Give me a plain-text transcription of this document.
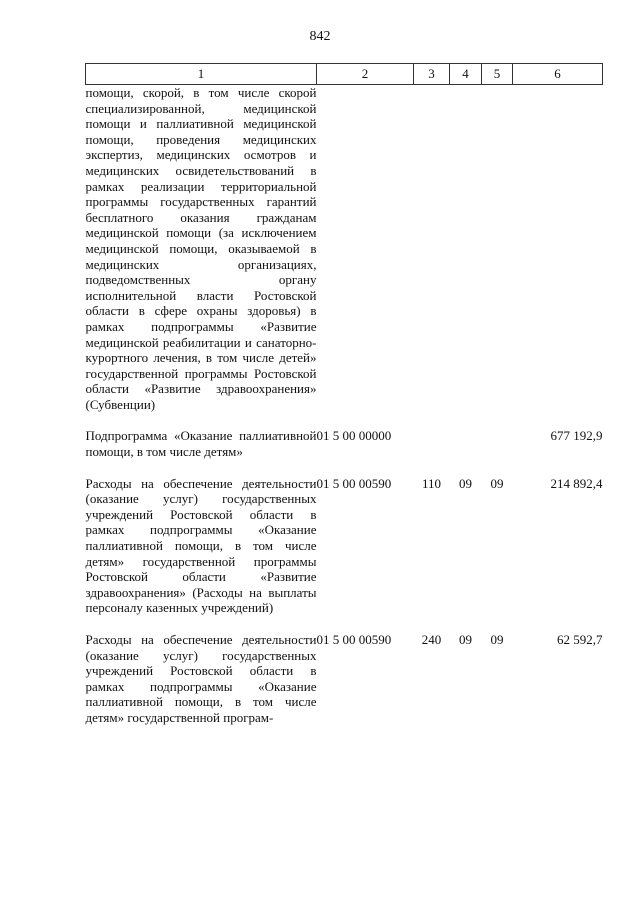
842
1	2	3	4	5	6
помощи, скорой, в том числе скорой специализированной, медицинской помощи и паллиативной медицинской помощи, проведения медицинских экспертиз, медицинских осмотров и медицинских освидетельствований в рамках реализации территориальной программы государственных гарантий бесплатного оказания гражданам медицинской помощи (за исключением медицинской помощи, оказываемой в медицинских организациях, подведомственных органу исполнительной власти Ростовской области в сфере охраны здоровья) в рамках подпрограммы «Развитие медицинской реабилитации и санаторно-курортного лечения, в том числе детей» государственной программы Ростовской области «Развитие здравоохранения» (Субвенции)					
Подпрограмма «Оказание паллиативной помощи, в том числе детям»	01 5 00 00000				677 192,9
Расходы на обеспечение деятельности (оказание услуг) государственных учреждений Ростовской области в рамках подпрограммы «Оказание паллиативной помощи, в том числе детям» государственной программы Ростовской области «Развитие здравоохранения» (Расходы на выплаты персоналу казенных учреждений)	01 5 00 00590	110	09	09	214 892,4
Расходы на обеспечение деятельности (оказание услуг) государственных учреждений Ростовской области в рамках подпрограммы «Оказание паллиативной помощи, в том числе детям» государственной програм-	01 5 00 00590	240	09	09	62 592,7
